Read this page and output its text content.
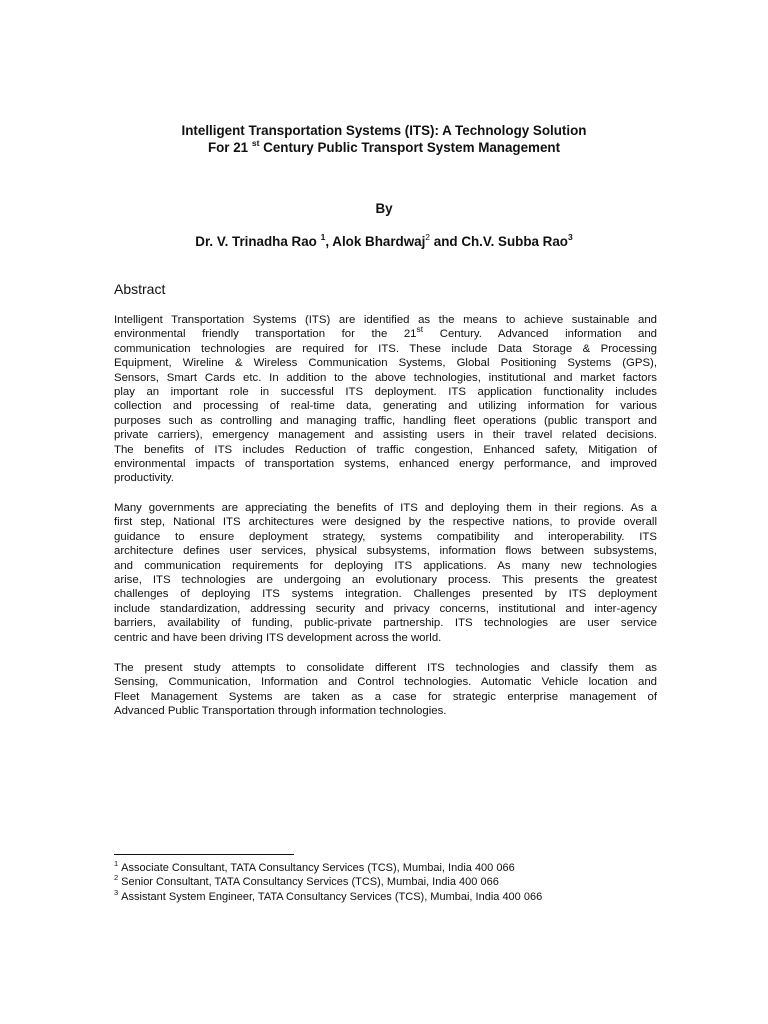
Intelligent Transportation Systems (ITS): A Technology Solution
For 21 $^{st}$ Century Public Transport System Management
By
Dr. V. Trinadha Rao $^1$, Alok Bhardwaj$^2$ and Ch.V. Subba Rao$^3$
Abstract
Intelligent Transportation Systems (ITS) are identified as the means to achieve sustainable and
environmental friendly transportation for the 21st Century. Advanced information and
communication technologies are required for ITS. These include Data Storage & Processing
Equipment, Wireline & Wireless Communication Systems, Global Positioning Systems (GPS),
Sensors, Smart Cards etc. In addition to the above technologies, institutional and market factors
play an important role in successful ITS deployment. ITS application functionality includes
collection and processing of real-time data, generating and utilizing information for various
purposes such as controlling and managing traffic, handling fleet operations (public transport and
private carriers), emergency management and assisting users in their travel related decisions.
The benefits of ITS includes Reduction of traffic congestion, Enhanced safety, Mitigation of
environmental impacts of transportation systems, enhanced energy performance, and improved
productivity.
Many governments are appreciating the benefits of ITS and deploying them in their regions. As a
first step, National ITS architectures were designed by the respective nations, to provide overall
guidance to ensure deployment strategy, systems compatibility and interoperability. ITS
architecture defines user services, physical subsystems, information flows between subsystems,
and communication requirements for deploying ITS applications. As many new technologies
arise, ITS technologies are undergoing an evolutionary process. This presents the greatest
challenges of deploying ITS systems integration. Challenges presented by ITS deployment
include standardization, addressing security and privacy concerns, institutional and inter-agency
barriers, availability of funding, public-private partnership. ITS technologies are user service
centric and have been driving ITS development across the world.
The present study attempts to consolidate different ITS technologies and classify them as
Sensing, Communication, Information and Control technologies. Automatic Vehicle location and
Fleet Management Systems are taken as a case for strategic enterprise management of
Advanced Public Transportation through information technologies.
$^1$ Associate Consultant, TATA Consultancy Services (TCS), Mumbai, India 400 066
$^2$ Senior Consultant, TATA Consultancy Services (TCS), Mumbai, India 400 066
$^3$ Assistant System Engineer, TATA Consultancy Services (TCS), Mumbai, India 400 066
